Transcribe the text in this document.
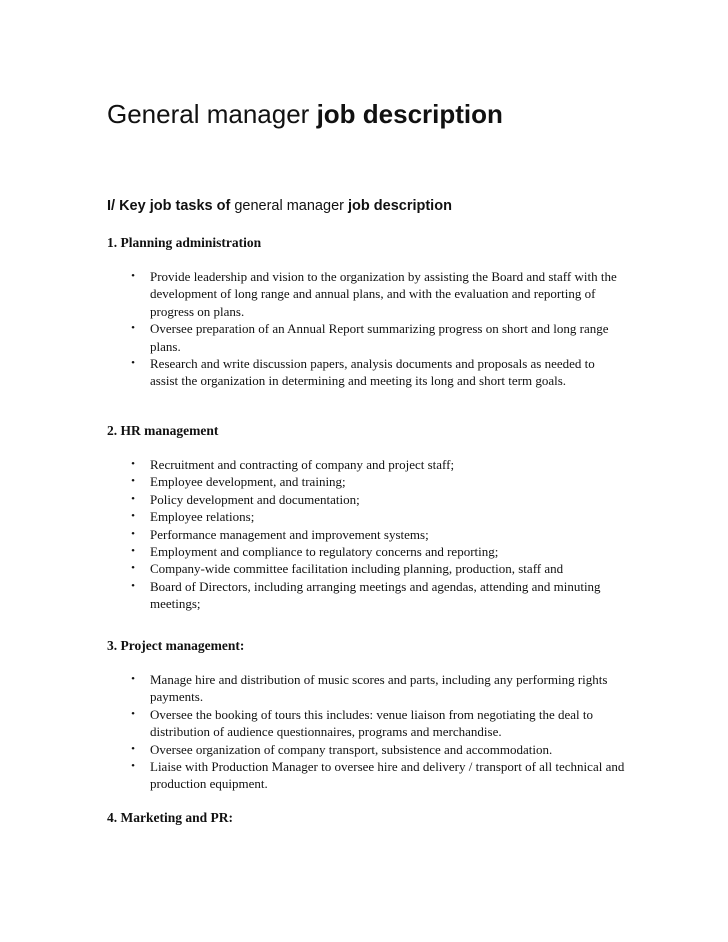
General manager job description
I/ Key job tasks of general manager job description
1. Planning administration
• Provide leadership and vision to the organization by assisting the Board and staff with the development of long range and annual plans, and with the evaluation and reporting of progress on plans.
• Oversee preparation of an Annual Report summarizing progress on short and long range plans.
• Research and write discussion papers, analysis documents and proposals as needed to assist the organization in determining and meeting its long and short term goals.
2. HR management
• Recruitment and contracting of company and project staff;
• Employee development, and training;
• Policy development and documentation;
• Employee relations;
• Performance management and improvement systems;
• Employment and compliance to regulatory concerns and reporting;
• Company-wide committee facilitation including planning, production, staff and
• Board of Directors, including arranging meetings and agendas, attending and minuting meetings;
3. Project management:
• Manage hire and distribution of music scores and parts, including any performing rights payments.
• Oversee the booking of tours this includes: venue liaison from negotiating the deal to distribution of audience questionnaires, programs and merchandise.
• Oversee organization of company transport, subsistence and accommodation.
• Liaise with Production Manager to oversee hire and delivery / transport of all technical and production equipment.
4. Marketing and PR:
